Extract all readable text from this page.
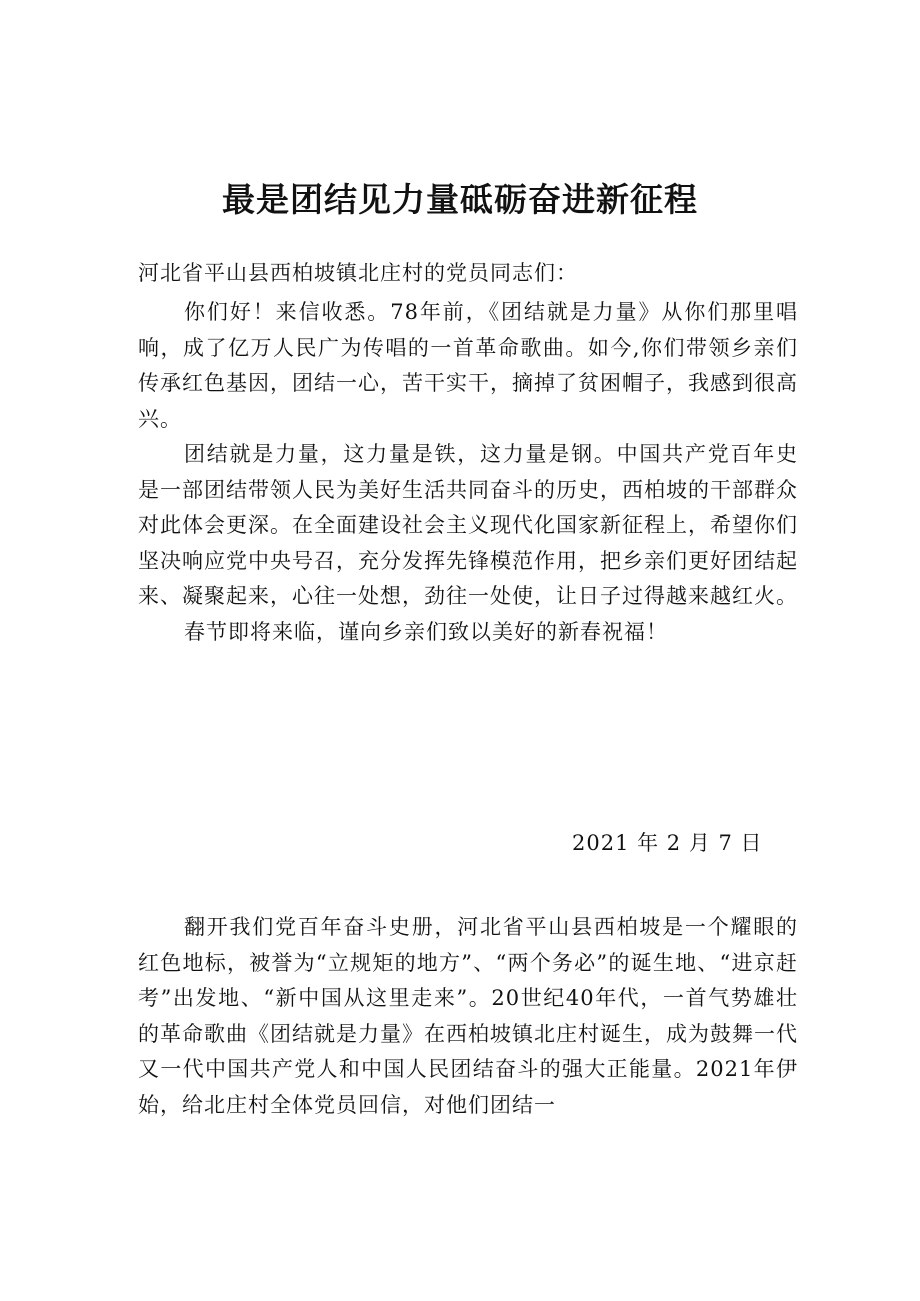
最是团结见力量砥砺奋进新征程

河北省平山县西柏坡镇北庄村的党员同志们：

你们好！来信收悉。78年前，《团结就是力量》从你们那里唱响，成了亿万人民广为传唱的一首革命歌曲。如今,你们带领乡亲们传承红色基因，团结一心，苦干实干，摘掉了贫困帽子，我感到很高兴。

团结就是力量，这力量是铁，这力量是钢。中国共产党百年史是一部团结带领人民为美好生活共同奋斗的历史，西柏坡的干部群众对此体会更深。在全面建设社会主义现代化国家新征程上，希望你们坚决响应党中央号召，充分发挥先锋模范作用，把乡亲们更好团结起来、凝聚起来，心往一处想，劲往一处使，让日子过得越来越红火。

春节即将来临，谨向乡亲们致以美好的新春祝福！

2021 年 2 月 7 日

翻开我们党百年奋斗史册，河北省平山县西柏坡是一个耀眼的红色地标，被誉为“立规矩的地方”、“两个务必”的诞生地、“进京赶考”出发地、“新中国从这里走来”。20世纪40年代，一首气势雄壮的革命歌曲《团结就是力量》在西柏坡镇北庄村诞生，成为鼓舞一代又一代中国共产党人和中国人民团结奋斗的强大正能量。2021年伊始，给北庄村全体党员回信，对他们团结一
